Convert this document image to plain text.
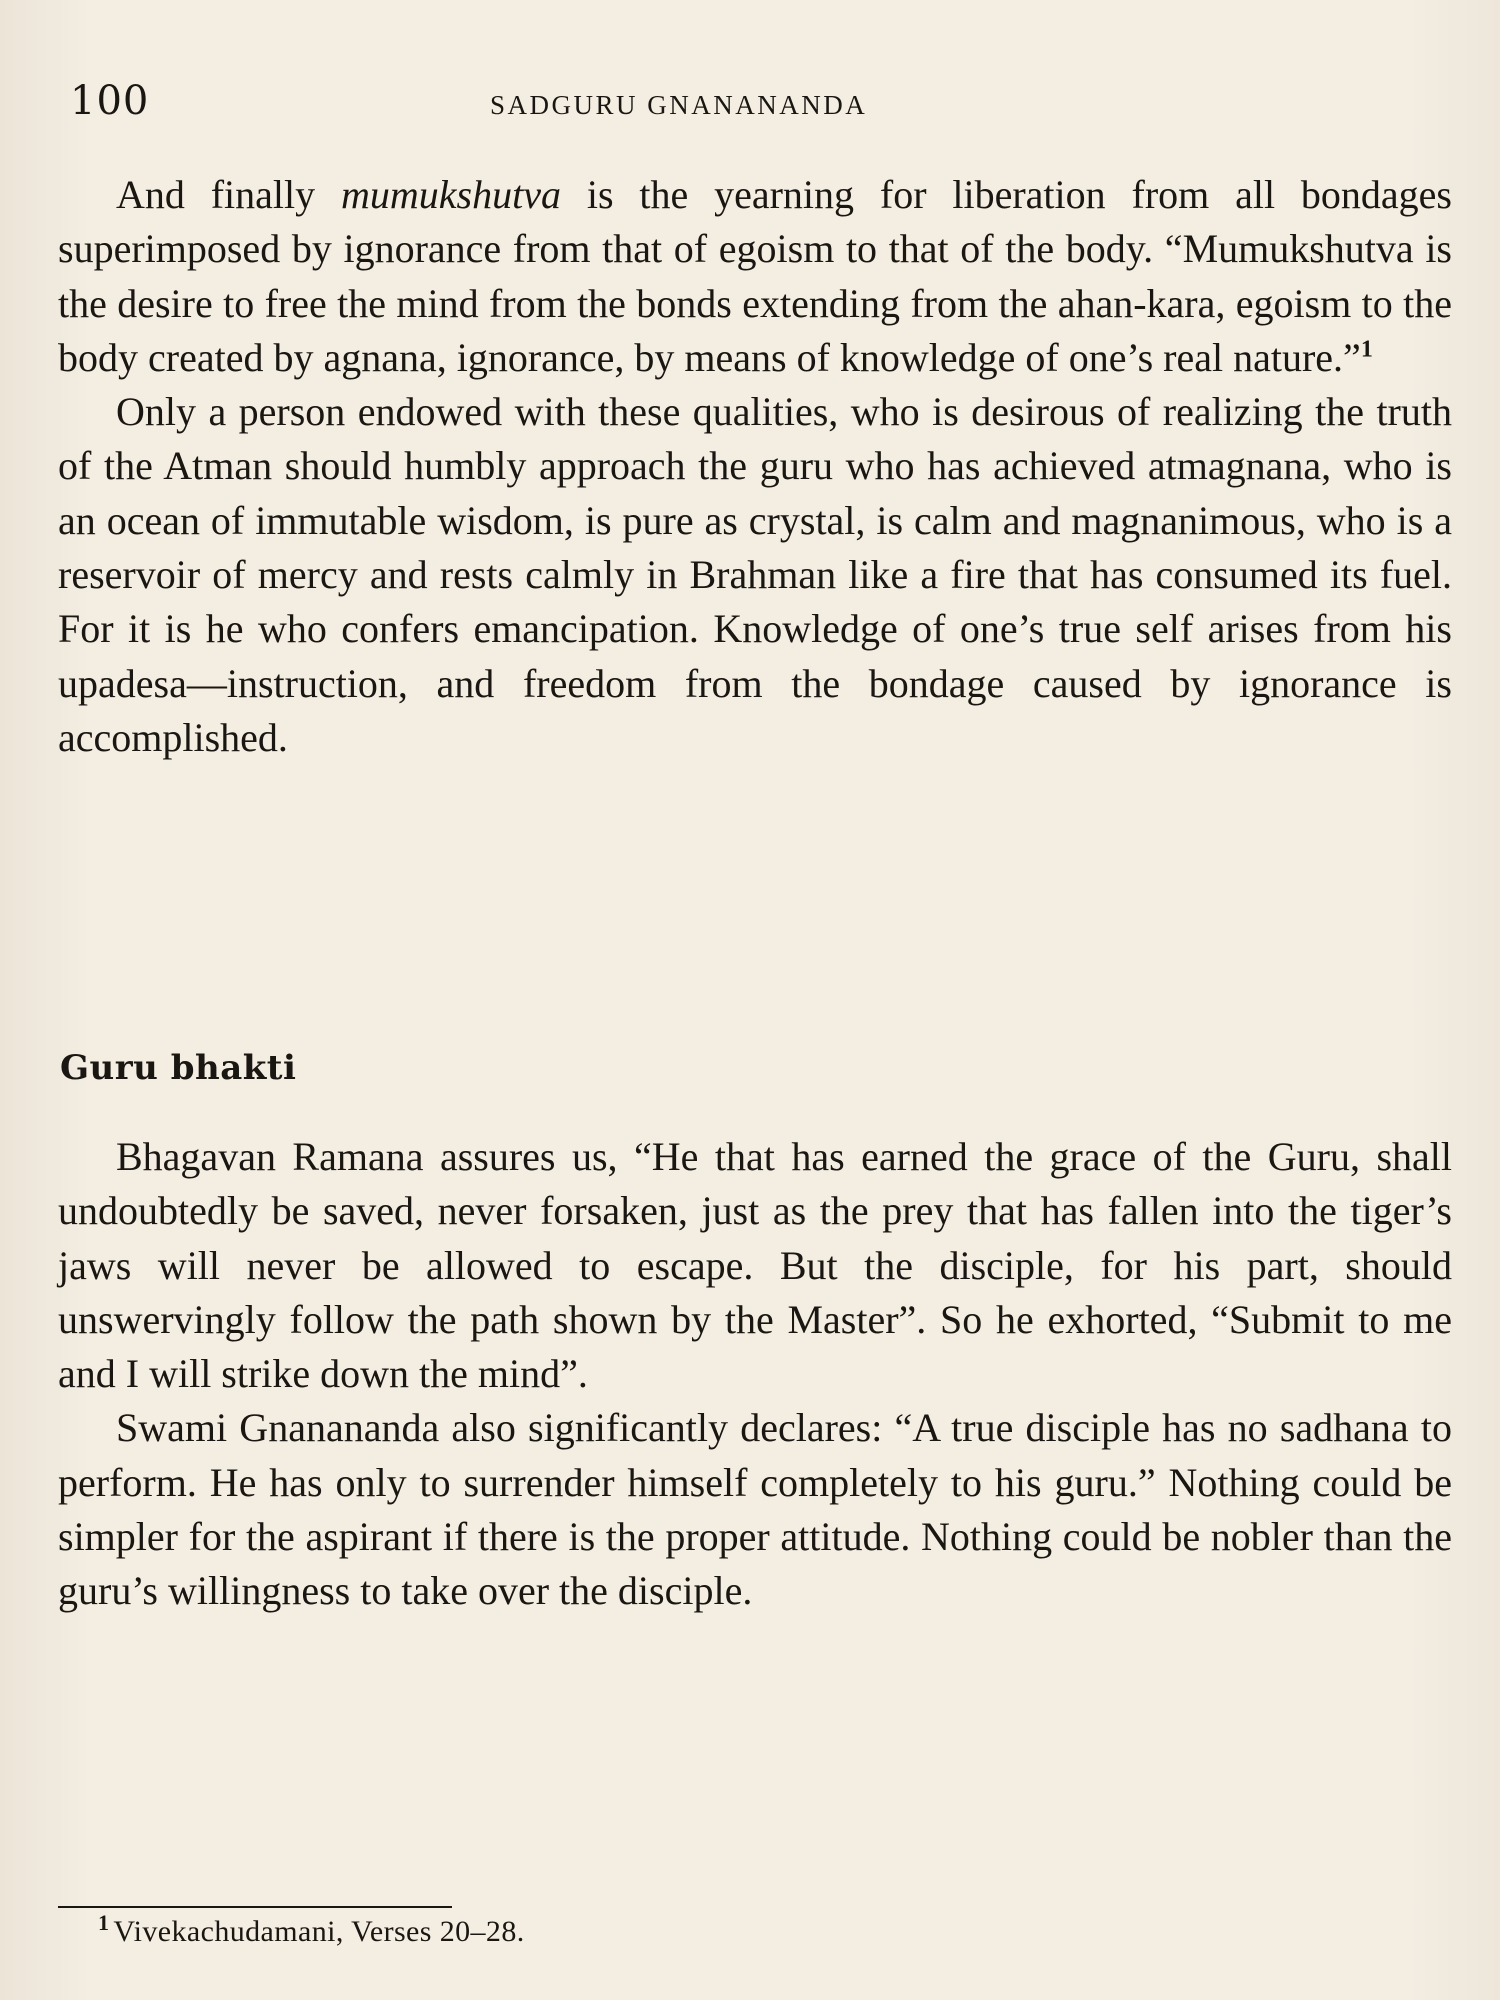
100	SADGURU GNANANANDA

And finally mumukshutva is the yearning for liberation from all bondages superimposed by ignorance from that of egoism to that of the body. “Mumukshutva is the desire to free the mind from the bonds extending from the ahan-kara, egoism to the body created by agnana, ignorance, by means of knowledge of one’s real nature.”$^1$

Only a person endowed with these qualities, who is desirous of realizing the truth of the Atman should humbly approach the guru who has achieved atmagnana, who is an ocean of immutable wisdom, is pure as crystal, is calm and magnanimous, who is a reservoir of mercy and rests calmly in Brahman like a fire that has consumed its fuel. For it is he who confers emancipation. Knowledge of one’s true self arises from his upadesa—instruction, and freedom from the bondage caused by ignorance is accomplished.

Guru bhakti

Bhagavan Ramana assures us, “He that has earned the grace of the Guru, shall undoubtedly be saved, never forsaken, just as the prey that has fallen into the tiger’s jaws will never be allowed to escape. But the disciple, for his part, should unswervingly follow the path shown by the Master”. So he exhorted, “Submit to me and I will strike down the mind”.

Swami Gnanananda also significantly declares: “A true disciple has no sadhana to perform. He has only to surrender himself completely to his guru.” Nothing could be simpler for the aspirant if there is the proper attitude. Nothing could be nobler than the guru’s willingness to take over the disciple.

$^1$ Vivekachudamani, Verses 20–28.
